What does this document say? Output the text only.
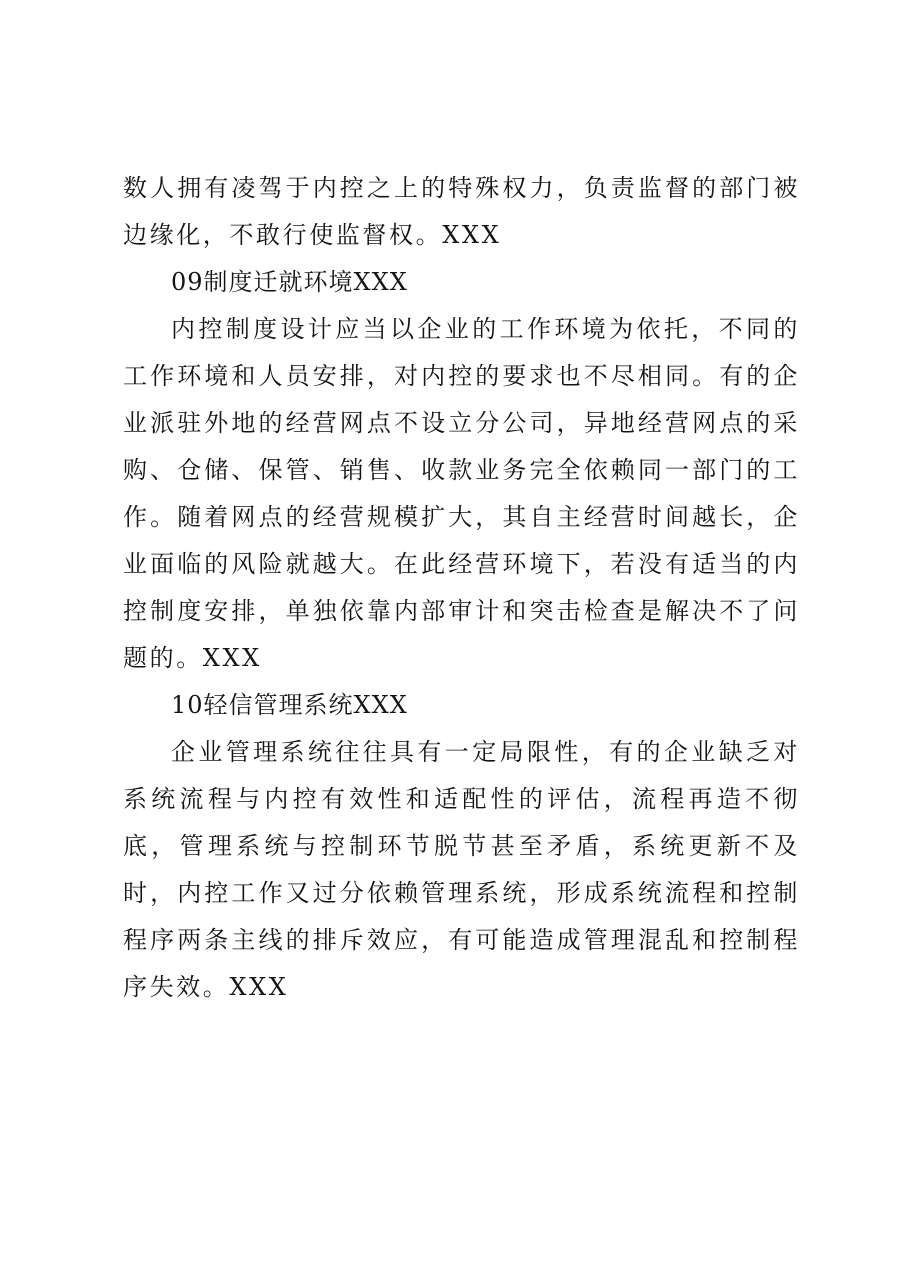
数人拥有凌驾于内控之上的特殊权力，负责监督的部门被边缘化，不敢行使监督权。XXX

09制度迁就环境XXX

内控制度设计应当以企业的工作环境为依托，不同的工作环境和人员安排，对内控的要求也不尽相同。有的企业派驻外地的经营网点不设立分公司，异地经营网点的采购、仓储、保管、销售、收款业务完全依赖同一部门的工作。随着网点的经营规模扩大，其自主经营时间越长，企业面临的风险就越大。在此经营环境下，若没有适当的内控制度安排，单独依靠内部审计和突击检查是解决不了问题的。XXX

10轻信管理系统XXX

企业管理系统往往具有一定局限性，有的企业缺乏对系统流程与内控有效性和适配性的评估，流程再造不彻底，管理系统与控制环节脱节甚至矛盾，系统更新不及时，内控工作又过分依赖管理系统，形成系统流程和控制程序两条主线的排斥效应，有可能造成管理混乱和控制程序失效。XXX
